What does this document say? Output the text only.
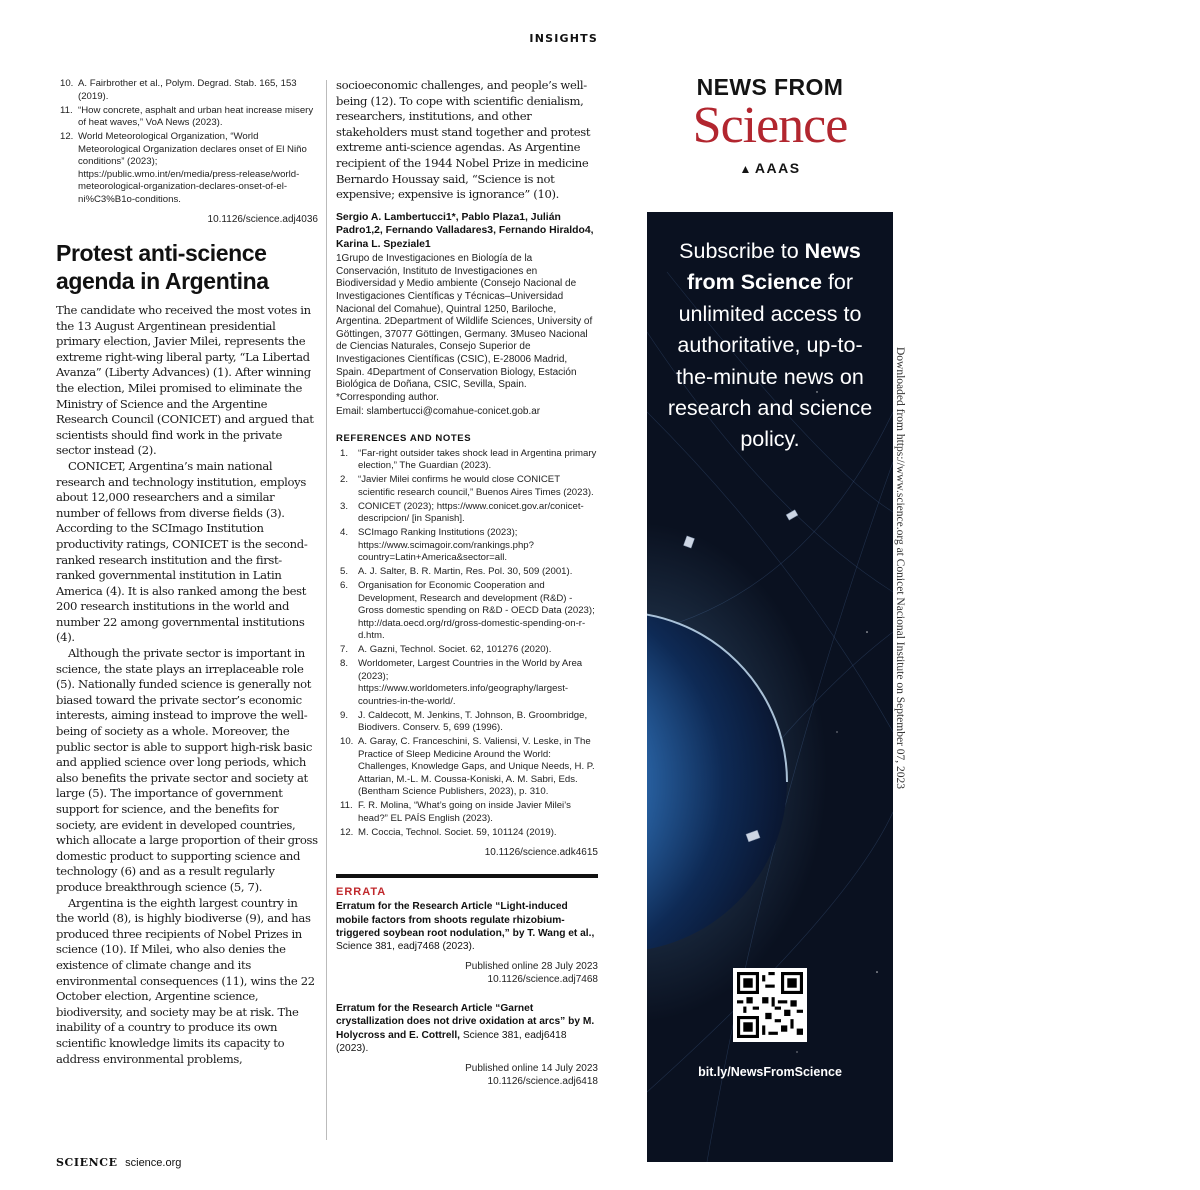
INSIGHTS
10. A. Fairbrother et al., Polym. Degrad. Stab. 165, 153 (2019).
11. “How concrete, asphalt and urban heat increase misery of heat waves,” VoA News (2023).
12. World Meteorological Organization, “World Meteorological Organization declares onset of El Niño conditions” (2023); https://public.wmo.int/en/media/press-release/world-meteorological-organization-declares-onset-of-el-ni%C3%B1o-conditions.
10.1126/science.adj4036
Protest anti-science agenda in Argentina

The candidate who received the most votes in the 13 August Argentinean presidential primary election, Javier Milei, represents the extreme right-wing liberal party, “La Libertad Avanza” (Liberty Advances) (1). After winning the election, Milei promised to eliminate the Ministry of Science and the Argentine Research Council (CONICET) and argued that scientists should find work in the private sector instead (2).

CONICET, Argentina’s main national research and technology institution, employs about 12,000 researchers and a similar number of fellows from diverse fields (3). According to the SCImago Institution productivity ratings, CONICET is the second-ranked research institution and the first-ranked governmental institution in Latin America (4). It is also ranked among the best 200 research institutions in the world and number 22 among governmental institutions (4).

Although the private sector is important in science, the state plays an irreplaceable role (5). Nationally funded science is generally not biased toward the private sector’s economic interests, aiming instead to improve the well-being of society as a whole. Moreover, the public sector is able to support high-risk basic and applied science over long periods, which also benefits the private sector and society at large (5). The importance of government support for science, and the benefits for society, are evident in developed countries, which allocate a large proportion of their gross domestic product to supporting science and technology (6) and as a result regularly produce breakthrough science (5, 7).

Argentina is the eighth largest country in the world (8), is highly biodiverse (9), and has produced three recipients of Nobel Prizes in science (10). If Milei, who also denies the existence of climate change and its environmental consequences (11), wins the 22 October election, Argentine science, biodiversity, and society may be at risk. The inability of a country to produce its own scientific knowledge limits its capacity to address environmental problems,

socioeconomic challenges, and people’s well-being (12). To cope with scientific denialism, researchers, institutions, and other stakeholders must stand together and protest extreme anti-science agendas. As Argentine recipient of the 1944 Nobel Prize in medicine Bernardo Houssay said, “Science is not expensive; expensive is ignorance” (10).

Sergio A. Lambertucci1*, Pablo Plaza1, Julián Padro1,2, Fernando Valladares3, Fernando Hiraldo4, Karina L. Speziale1
1Grupo de Investigaciones en Biología de la Conservación, Instituto de Investigaciones en Biodiversidad y Medio ambiente (Consejo Nacional de Investigaciones Científicas y Técnicas–Universidad Nacional del Comahue), Quintral 1250, Bariloche, Argentina. 2Department of Wildlife Sciences, University of Göttingen, 37077 Göttingen, Germany. 3Museo Nacional de Ciencias Naturales, Consejo Superior de Investigaciones Científicas (CSIC), E-28006 Madrid, Spain. 4Department of Conservation Biology, Estación Biológica de Doñana, CSIC, Sevilla, Spain. *Corresponding author.
Email: slambertucci@comahue-conicet.gob.ar
REFERENCES AND NOTES
1.	“Far-right outsider takes shock lead in Argentina primary election,” The Guardian (2023).
2.	“Javier Milei confirms he would close CONICET scientific research council,” Buenos Aires Times (2023).
3.	CONICET (2023); https://www.conicet.gov.ar/conicet-descripcion/ [in Spanish].
4.	SCImago Ranking Institutions (2023); https://www.scimagoir.com/rankings.php?country=Latin+America&sector=all.
5.	A. J. Salter, B. R. Martin, Res. Pol. 30, 509 (2001).
6.	Organisation for Economic Cooperation and Development, Research and development (R&D) - Gross domestic spending on R&D - OECD Data (2023); http://data.oecd.org/rd/gross-domestic-spending-on-r-d.htm.
7.	A. Gazni, Technol. Societ. 62, 101276 (2020).
8.	Worldometer, Largest Countries in the World by Area (2023); https://www.worldometers.info/geography/largest-countries-in-the-world/.
9.	J. Caldecott, M. Jenkins, T. Johnson, B. Groombridge, Biodivers. Conserv. 5, 699 (1996).
10. A. Garay, C. Franceschini, S. Valiensi, V. Leske, in The Practice of Sleep Medicine Around the World: Challenges, Knowledge Gaps, and Unique Needs, H. P. Attarian, M.-L. M. Coussa-Koniski, A. M. Sabri, Eds. (Bentham Science Publishers, 2023), p. 310.
11. F. R. Molina, “What’s going on inside Javier Milei’s head?” EL PAÍS English (2023).
12. M. Coccia, Technol. Societ. 59, 101124 (2019).
10.1126/science.adk4615
ERRATA
Erratum for the Research Article “Light-induced mobile factors from shoots regulate rhizobium-triggered soybean root nodulation,” by T. Wang et al., Science 381, eadj7468 (2023).
Published online 28 July 2023
10.1126/science.adj7468
Erratum for the Research Article “Garnet crystallization does not drive oxidation at arcs” by M. Holycross and E. Cottrell, Science 381, eadj6418 (2023).
Published online 14 July 2023
10.1126/science.adj6418
NEWS FROM
Science
▲ AAAS
Subscribe to News from Science for unlimited access to authoritative, up-to-the-minute news on research and science policy.
bit.ly/NewsFromScience
Downloaded from https://www.science.org at Conicet Nacional Institute on September 07, 2023
SCIENCE science.org
